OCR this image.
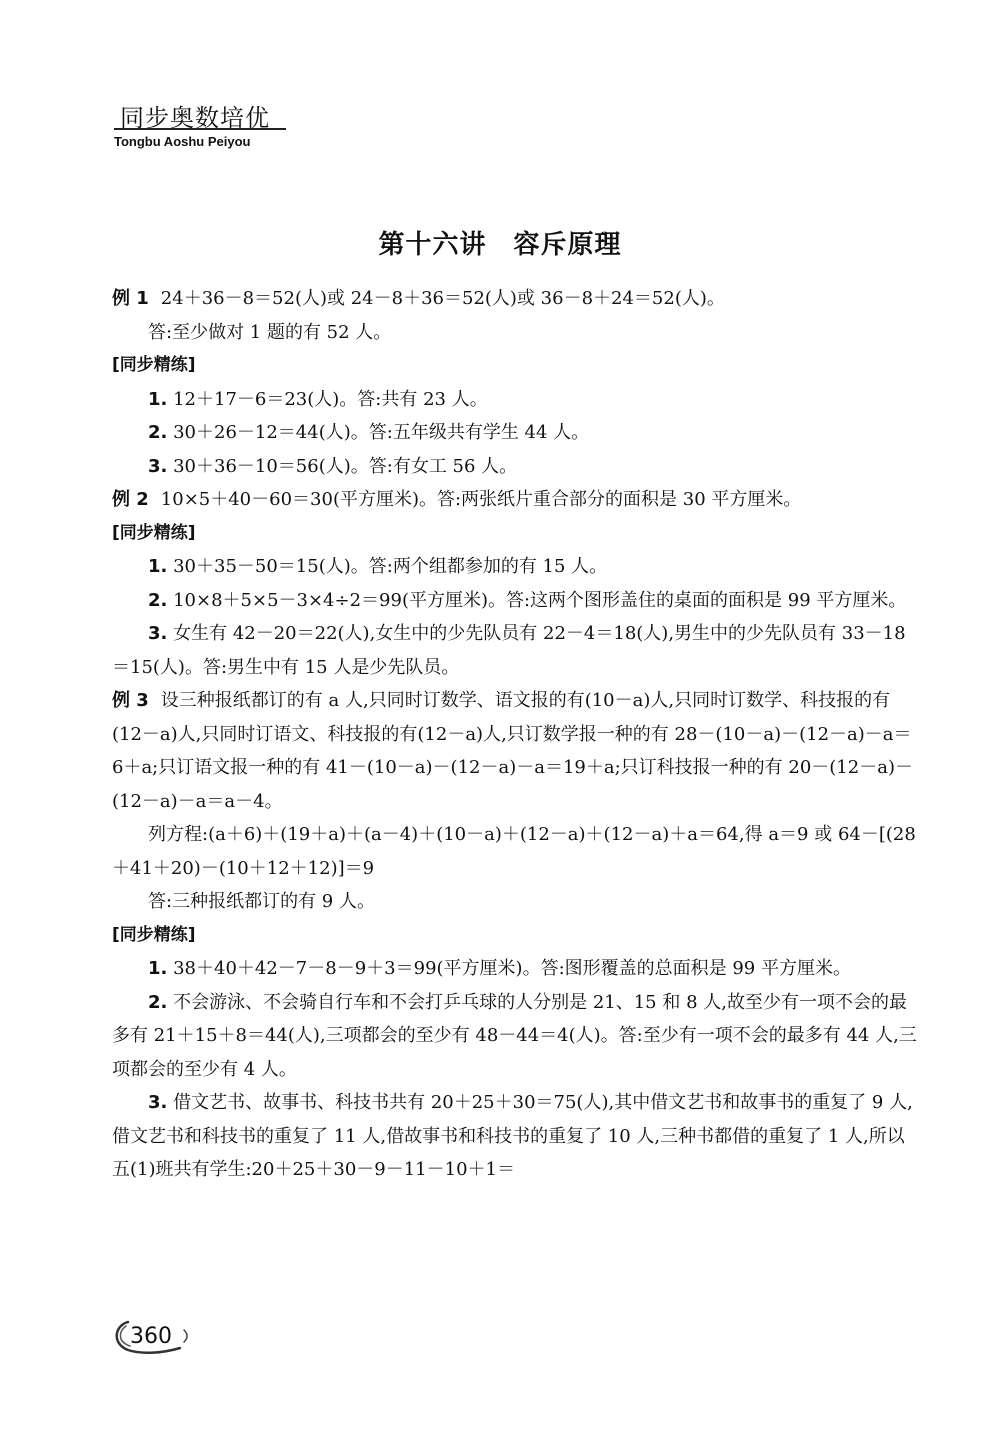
同步奥数培优
Tongbu Aoshu Peiyou
第十六讲　容斥原理

例 1 24＋36－8＝52(人)或 24－8＋36＝52(人)或 36－8＋24＝52(人)。

答:至少做对 1 题的有 52 人。

[同步精练]

1. 12＋17－6＝23(人)。答:共有 23 人。

2. 30＋26－12＝44(人)。答:五年级共有学生 44 人。

3. 30＋36－10＝56(人)。答:有女工 56 人。

例 2 10×5＋40－60＝30(平方厘米)。答:两张纸片重合部分的面积是 30 平方厘米。

[同步精练]

1. 30＋35－50＝15(人)。答:两个组都参加的有 15 人。

2. 10×8＋5×5－3×4÷2＝99(平方厘米)。答:这两个图形盖住的桌面的面积是 99 平方厘米。

3. 女生有 42－20＝22(人),女生中的少先队员有 22－4＝18(人),男生中的少先队员有 33－18＝15(人)。答:男生中有 15 人是少先队员。

例 3 设三种报纸都订的有 a 人,只同时订数学、语文报的有(10－a)人,只同时订数学、科技报的有(12－a)人,只同时订语文、科技报的有(12－a)人,只订数学报一种的有 28－(10－a)－(12－a)－a＝6＋a;只订语文报一种的有 41－(10－a)－(12－a)－a＝19＋a;只订科技报一种的有 20－(12－a)－(12－a)－a＝a－4。

列方程:(a＋6)＋(19＋a)＋(a－4)＋(10－a)＋(12－a)＋(12－a)＋a＝64,得 a＝9 或 64－[(28＋41＋20)－(10＋12＋12)]＝9

答:三种报纸都订的有 9 人。

[同步精练]

1. 38＋40＋42－7－8－9＋3＝99(平方厘米)。答:图形覆盖的总面积是 99 平方厘米。

2. 不会游泳、不会骑自行车和不会打乒乓球的人分别是 21、15 和 8 人,故至少有一项不会的最多有 21＋15＋8＝44(人),三项都会的至少有 48－44＝4(人)。答:至少有一项不会的最多有 44 人,三项都会的至少有 4 人。

3. 借文艺书、故事书、科技书共有 20＋25＋30＝75(人),其中借文艺书和故事书的重复了 9 人,借文艺书和科技书的重复了 11 人,借故事书和科技书的重复了 10 人,三种书都借的重复了 1 人,所以五(1)班共有学生:20＋25＋30－9－11－10＋1＝

360
